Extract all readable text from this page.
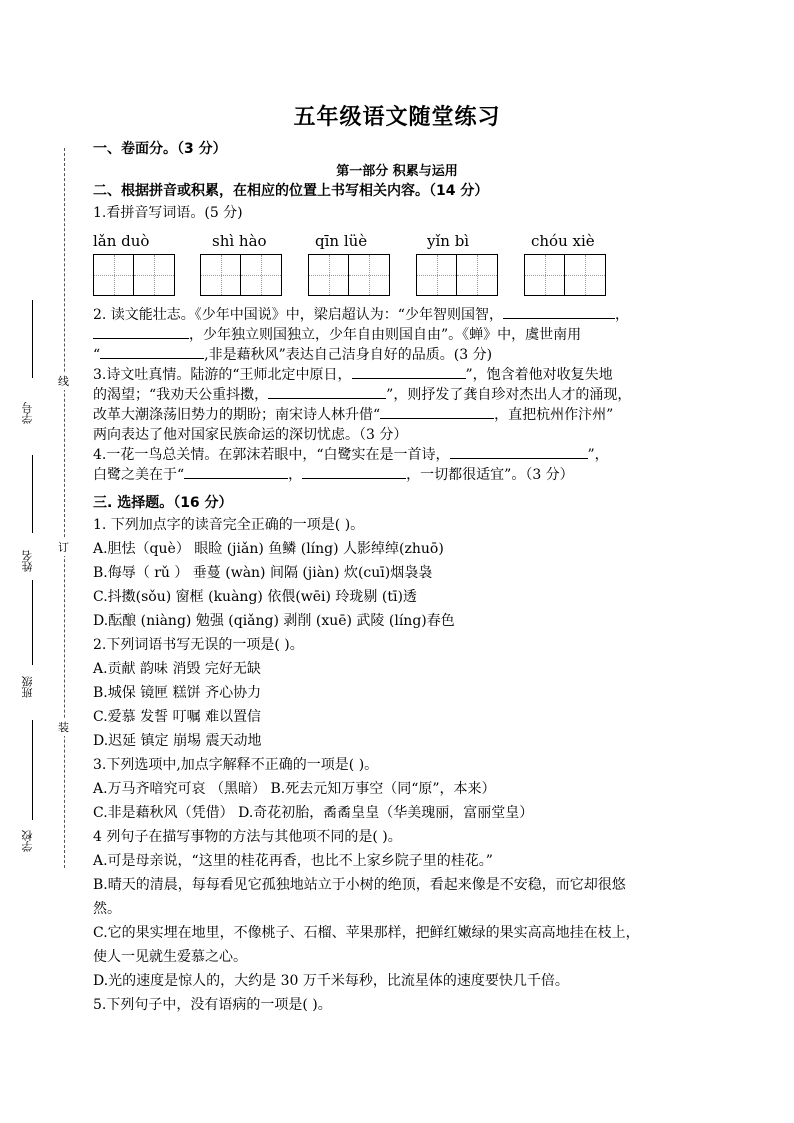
线
订
装
学号
姓名
班级
学校
五年级语文随堂练习
一、卷面分。（3 分）
第一部分 积累与运用
二、根据拼音或积累，在相应的位置上书写相关内容。（14 分）
1.看拼音写词语。(5 分)
lǎn duò	shì hào	qīn lüè	yǐn bì	chóu xiè
2. 读文能壮志。《少年中国说》中，梁启超认为：“少年智则国智，	，
，少年独立则国独立，少年自由则国自由”。《蝉》中，虞世南用
“	,非是藉秋风”表达自己洁身自好的品质。(3 分)
3.诗文吐真情。陆游的“王师北定中原日，	”，饱含着他对收复失地
的渴望；“我劝天公重抖擞，	”，则抒发了龚自珍对杰出人才的涌现，
改革大潮涤荡旧势力的期盼；南宋诗人林升借“	，直把杭州作汴州”
两向表达了他对国家民族命运的深切忧虑。（3 分）
4.一花一鸟总关情。在郭沫若眼中，“白鹭实在是一首诗，	”，
白鹭之美在于“	，	，一切都很适宜”。（3 分）
三. 选择题。（16 分）
1. 下列加点字的读音完全正确的一项是( )。
A.胆怯（què） 眼睑 (jiǎn) 鱼鳞 (líng) 人影绰绰(zhuō)
B.侮辱（ rǔ ） 垂蔓 (wàn) 间隔 (jiàn) 炊(cuī)烟袅袅
C.抖擞(sǒu) 窗框 (kuàng) 依偎(wēi) 玲珑剔 (tī)透
D.酝酿 (niàng) 勉强 (qiǎng) 剥削 (xuē) 武陵 (líng)春色
2.下列词语书写无误的一项是( )。
A.贡献 韵味 消毁 完好无缺
B.城保 镜匣 糕饼 齐心协力
C.爱慕 发誓 叮嘱 难以置信
D.迟延 镇定 崩埸 震天动地
3.下列选项中,加点字解释不正确的一项是( )。
A.万马齐喑究可哀 （黑暗） B.死去元知万事空（同“原”，本来）
C.非是藉秋风（凭借） D.奇花初胎，矞矞皇皇（华美瑰丽，富丽堂皇）
4 列句子在描写事物的方法与其他项不同的是( )。
A.可是母亲说，“这里的桂花再香，也比不上家乡院子里的桂花。”
B.晴天的清晨，每每看见它孤独地站立于小树的绝顶，看起来像是不安稳，而它却很悠
然。
C.它的果实埋在地里，不像桃子、石榴、苹果那样，把鲜红嫩绿的果实高高地挂在枝上，
使人一见就生爱慕之心。
D.光的速度是惊人的，大约是 30 万千米每秒，比流星体的速度要快几千倍。
5.下列句子中，没有语病的一项是( )。
